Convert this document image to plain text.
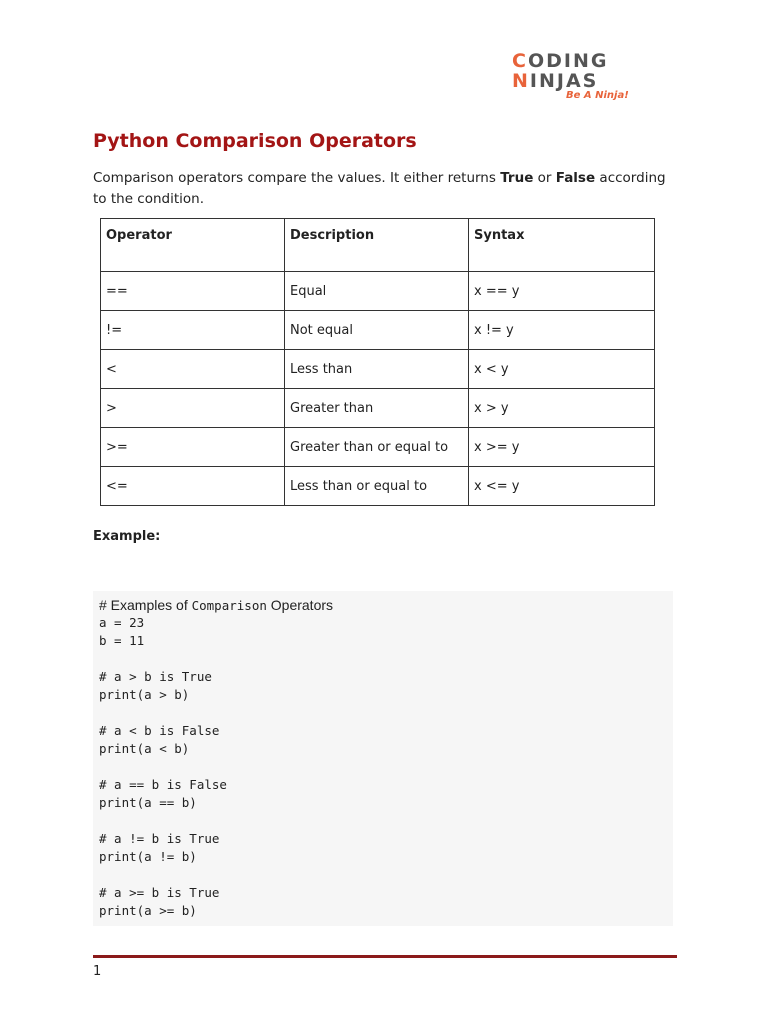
CODING
NINJAS
Be A Ninja!
Python Comparison Operators

Comparison operators compare the values. It either returns True or False according to the condition.

Operator	Description	Syntax
==	Equal	x == y
!=	Not equal	x != y
<	Less than	x < y
>	Greater than	x > y
>=	Greater than or equal to	x >= y
<=	Less than or equal to	x <= y

Example:

# Examples of Comparison Operators
a = 23
b = 11
# a > b is True
print(a > b)
# a < b is False
print(a < b)
# a == b is False
print(a == b)
# a != b is True
print(a != b)
# a >= b is True
print(a >= b)
1
